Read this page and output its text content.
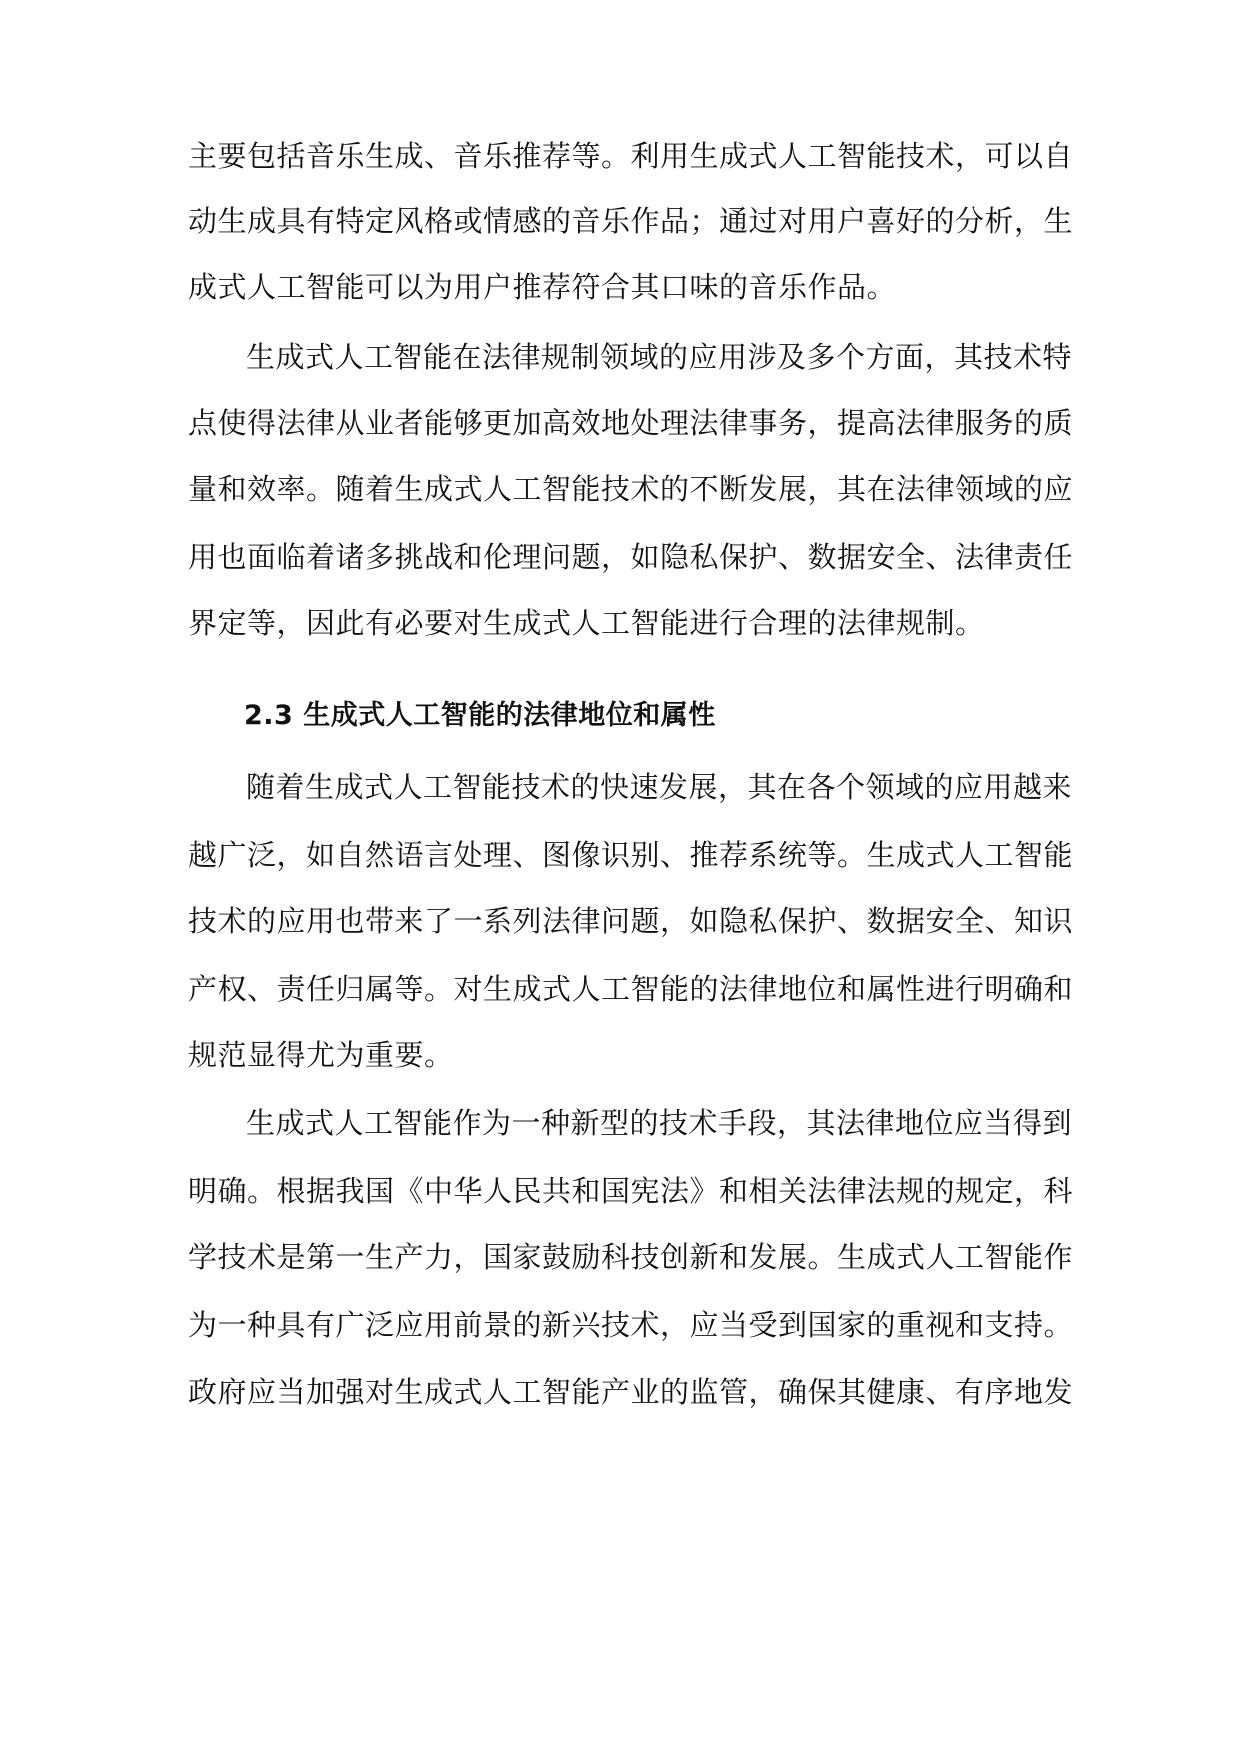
主要包括音乐生成、音乐推荐等。利用生成式人工智能技术，可以自
动生成具有特定风格或情感的音乐作品；通过对用户喜好的分析，生
成式人工智能可以为用户推荐符合其口味的音乐作品。
生成式人工智能在法律规制领域的应用涉及多个方面，其技术特
点使得法律从业者能够更加高效地处理法律事务，提高法律服务的质
量和效率。随着生成式人工智能技术的不断发展，其在法律领域的应
用也面临着诸多挑战和伦理问题，如隐私保护、数据安全、法律责任
界定等，因此有必要对生成式人工智能进行合理的法律规制。
2.3 生成式人工智能的法律地位和属性
随着生成式人工智能技术的快速发展，其在各个领域的应用越来
越广泛，如自然语言处理、图像识别、推荐系统等。生成式人工智能
技术的应用也带来了一系列法律问题，如隐私保护、数据安全、知识
产权、责任归属等。对生成式人工智能的法律地位和属性进行明确和
规范显得尤为重要。
生成式人工智能作为一种新型的技术手段，其法律地位应当得到
明确。根据我国《中华人民共和国宪法》和相关法律法规的规定，科
学技术是第一生产力，国家鼓励科技创新和发展。生成式人工智能作
为一种具有广泛应用前景的新兴技术，应当受到国家的重视和支持。
政府应当加强对生成式人工智能产业的监管，确保其健康、有序地发
